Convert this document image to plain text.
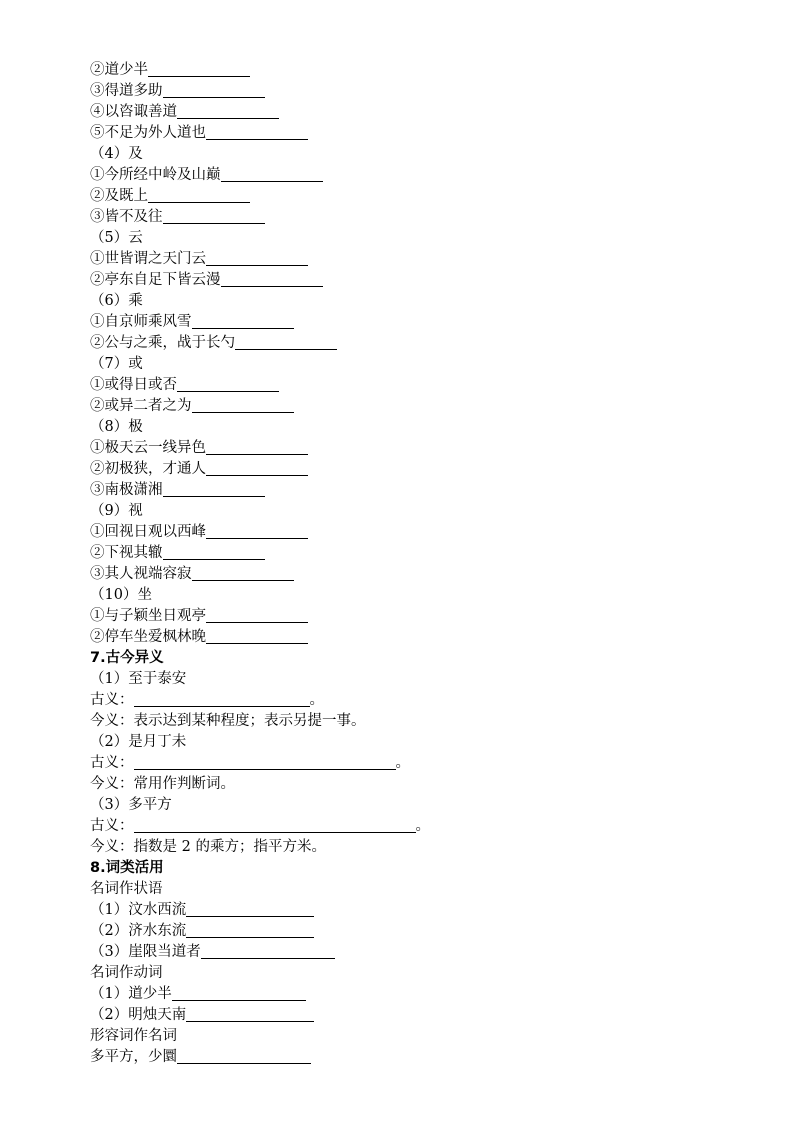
②道少半
③得道多助
④以咨诹善道
⑤不足为外人道也
（4）及
①今所经中岭及山巅
②及既上
③皆不及往
（5）云
①世皆谓之天门云
②亭东自足下皆云漫
（6）乘
①自京师乘风雪
②公与之乘，战于长勺
（7）或
①或得日或否
②或异二者之为
（8）极
①极天云一线异色
②初极狭，才通人
③南极潇湘
（9）视
①回视日观以西峰
②下视其辙
③其人视端容寂
（10）坐
①与子颖坐日观亭
②停车坐爱枫林晚
7.古今异义
（1）至于泰安
古义：	。
今义：表示达到某种程度；表示另提一事。
（2）是月丁未
古义：	。
今义：常用作判断词。
（3）多平方
古义：	。
今义：指数是 2 的乘方；指平方米。
8.词类活用
名词作状语
（1）汶水西流
（2）济水东流
（3）崖限当道者
名词作动词
（1）道少半
（2）明烛天南
形容词作名词
多平方，少圜
